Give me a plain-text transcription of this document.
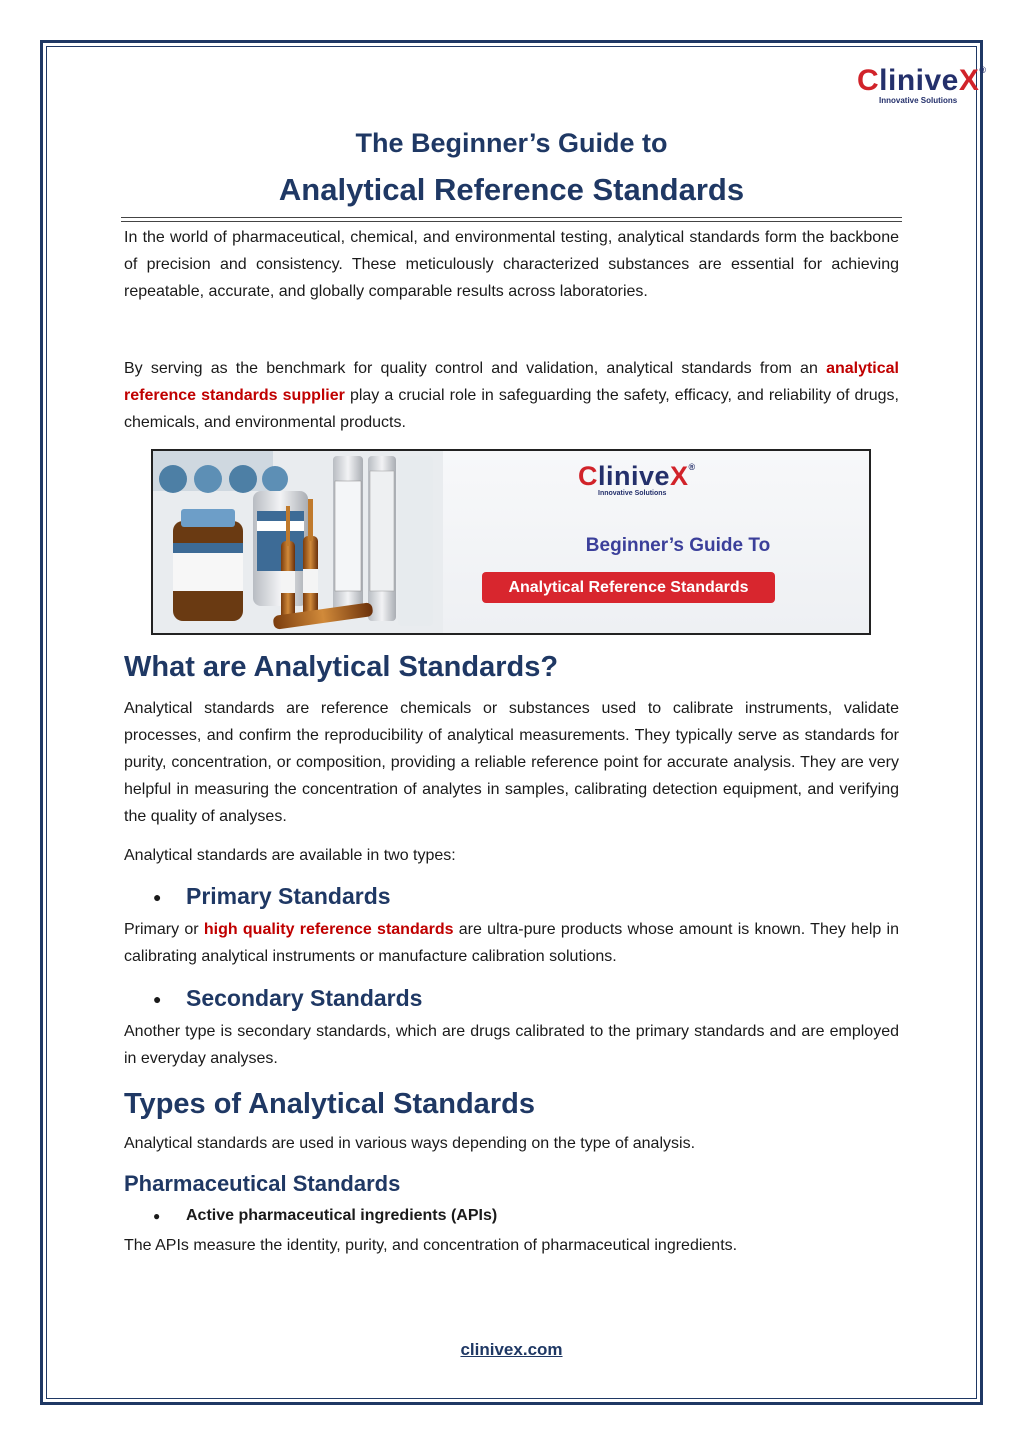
CliniveX®
Innovative Solutions
The Beginner’s Guide to
Analytical Reference Standards

In the world of pharmaceutical, chemical, and environmental testing, analytical standards form the backbone of precision and consistency. These meticulously characterized substances are essential for achieving repeatable, accurate, and globally comparable results across laboratories.

By serving as the benchmark for quality control and validation, analytical standards from an analytical reference standards supplier play a crucial role in safeguarding the safety, efficacy, and reliability of drugs, chemicals, and environmental products.

CliniveX®
Innovative Solutions
Beginner’s Guide To
Analytical Reference Standards
What are Analytical Standards?

Analytical standards are reference chemicals or substances used to calibrate instruments, validate processes, and confirm the reproducibility of analytical measurements. They typically serve as standards for purity, concentration, or composition, providing a reliable reference point for accurate analysis. They are very helpful in measuring the concentration of analytes in samples, calibrating detection equipment, and verifying the quality of analyses.

Analytical standards are available in two types:

●	Primary Standards

Primary or high quality reference standards are ultra-pure products whose amount is known. They help in calibrating analytical instruments or manufacture calibration solutions.

●	Secondary Standards

Another type is secondary standards, which are drugs calibrated to the primary standards and are employed in everyday analyses.

Types of Analytical Standards

Analytical standards are used in various ways depending on the type of analysis.

Pharmaceutical Standards
●	Active pharmaceutical ingredients (APIs)

The APIs measure the identity, purity, and concentration of pharmaceutical ingredients.

clinivex.com
